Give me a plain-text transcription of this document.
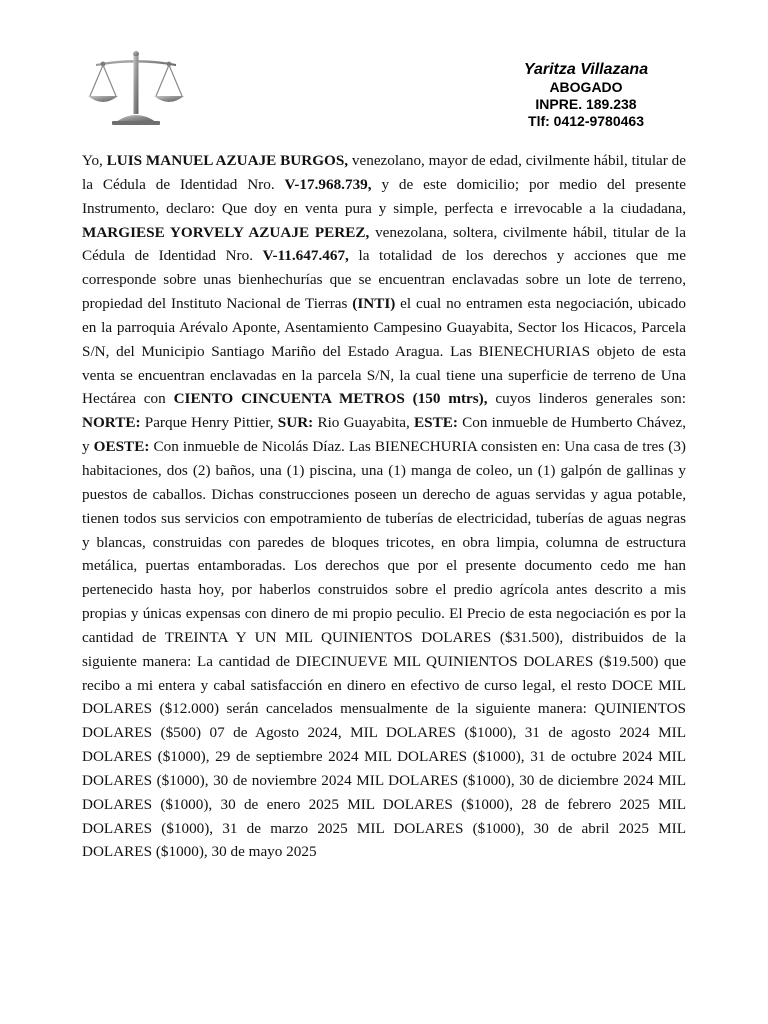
Yaritza Villazana
ABOGADO
INPRE. 189.238
Tlf: 0412-9780463

Yo, LUIS MANUEL AZUAJE BURGOS, venezolano, mayor de edad, civilmente hábil, titular de la Cédula de Identidad Nro. V-17.968.739, y de este domicilio; por medio del presente Instrumento, declaro: Que doy en venta pura y simple, perfecta e irrevocable a la ciudadana, MARGIESE YORVELY AZUAJE PEREZ, venezolana, soltera, civilmente hábil, titular de la Cédula de Identidad Nro. V-11.647.467, la totalidad de los derechos y acciones que me corresponde sobre unas bienhechurías que se encuentran enclavadas sobre un lote de terreno, propiedad del Instituto Nacional de Tierras (INTI) el cual no entramen esta negociación, ubicado en la parroquia Arévalo Aponte, Asentamiento Campesino Guayabita, Sector los Hicacos, Parcela S/N, del Municipio Santiago Mariño del Estado Aragua. Las BIENECHURIAS objeto de esta venta se encuentran enclavadas en la parcela S/N, la cual tiene una superficie de terreno de Una Hectárea con CIENTO CINCUENTA METROS (150 mtrs), cuyos linderos generales son: NORTE: Parque Henry Pittier, SUR: Rio Guayabita, ESTE: Con inmueble de Humberto Chávez, y OESTE: Con inmueble de Nicolás Díaz. Las BIENECHURIA consisten en: Una casa de tres (3) habitaciones, dos (2) baños, una (1) piscina, una (1) manga de coleo, un (1) galpón de gallinas y puestos de caballos. Dichas construcciones poseen un derecho de aguas servidas y agua potable, tienen todos sus servicios con empotramiento de tuberías de electricidad, tuberías de aguas negras y blancas, construidas con paredes de bloques tricotes, en obra limpia, columna de estructura metálica, puertas entamboradas. Los derechos que por el presente documento cedo me han pertenecido hasta hoy, por haberlos construidos sobre el predio agrícola antes descrito a mis propias y únicas expensas con dinero de mi propio peculio. El Precio de esta negociación es por la cantidad de TREINTA Y UN MIL QUINIENTOS DOLARES ($31.500), distribuidos de la siguiente manera: La cantidad de DIECINUEVE MIL QUINIENTOS DOLARES ($19.500) que recibo a mi entera y cabal satisfacción en dinero en efectivo de curso legal, el resto DOCE MIL DOLARES ($12.000) serán cancelados mensualmente de la siguiente manera: QUINIENTOS DOLARES ($500) 07 de Agosto 2024, MIL DOLARES ($1000), 31 de agosto 2024 MIL DOLARES ($1000), 29 de septiembre 2024 MIL DOLARES ($1000), 31 de octubre 2024 MIL DOLARES ($1000), 30 de noviembre 2024 MIL DOLARES ($1000), 30 de diciembre 2024 MIL DOLARES ($1000), 30 de enero 2025 MIL DOLARES ($1000), 28 de febrero 2025 MIL DOLARES ($1000), 31 de marzo 2025 MIL DOLARES ($1000), 30 de abril 2025 MIL DOLARES ($1000), 30 de mayo 2025
